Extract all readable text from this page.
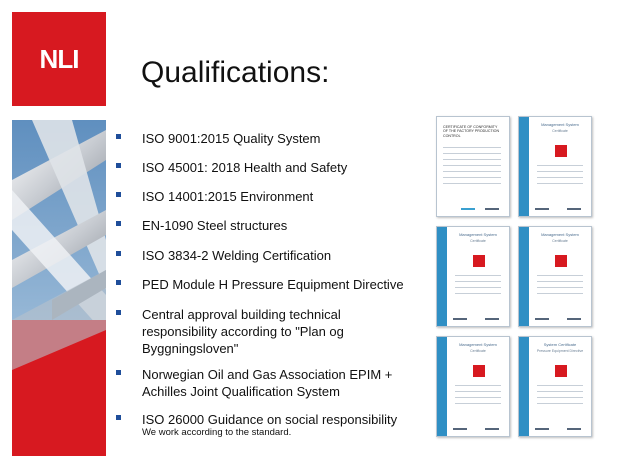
NLI Qualifications:
ISO 9001:2015 Quality System
ISO 45001: 2018 Health and Safety
ISO 14001:2015 Environment
EN-1090 Steel structures
ISO 3834-2 Welding Certification
PED Module H Pressure Equipment Directive
Central approval building technical responsibility according to "Plan og Byggningsloven"
Norwegian Oil and Gas Association EPIM + Achilles Joint Qualification System
ISO 26000 Guidance on social responsibility
We work according to the standard.
CERTIFICATE OF CONFORMITY OF THE FACTORY PRODUCTION CONTROL
Management System
Certificate
Management System
Certificate
Management System
Certificate
Management System
Certificate
System Certificate
Pressure Equipment Directive
